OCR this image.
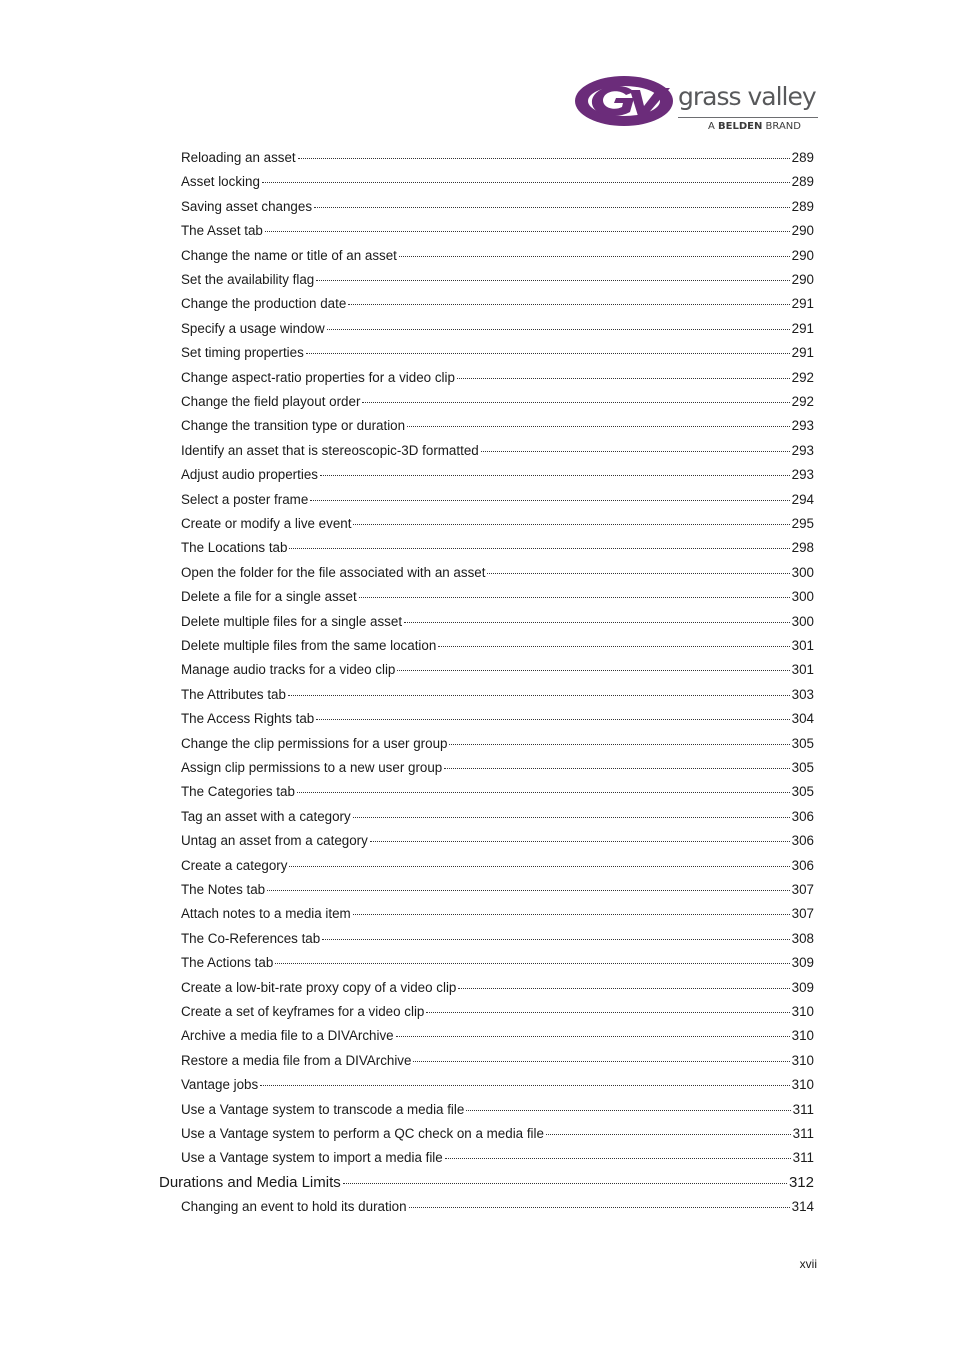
grass valley
A BELDEN BRAND
Reloading an asset	289
Asset locking	289
Saving asset changes	289
The Asset tab	290
Change the name or title of an asset	290
Set the availability flag	290
Change the production date	291
Specify a usage window	291
Set timing properties	291
Change aspect-ratio properties for a video clip	292
Change the field playout order	292
Change the transition type or duration	293
Identify an asset that is stereoscopic-3D formatted	293
Adjust audio properties	293
Select a poster frame	294
Create or modify a live event	295
The Locations tab	298
Open the folder for the file associated with an asset	300
Delete a file for a single asset	300
Delete multiple files for a single asset	300
Delete multiple files from the same location	301
Manage audio tracks for a video clip	301
The Attributes tab	303
The Access Rights tab	304
Change the clip permissions for a user group	305
Assign clip permissions to a new user group	305
The Categories tab	305
Tag an asset with a category	306
Untag an asset from a category	306
Create a category	306
The Notes tab	307
Attach notes to a media item	307
The Co-References tab	308
The Actions tab	309
Create a low-bit-rate proxy copy of a video clip	309
Create a set of keyframes for a video clip	310
Archive a media file to a DIVArchive	310
Restore a media file from a DIVArchive	310
Vantage jobs	310
Use a Vantage system to transcode a media file	311
Use a Vantage system to perform a QC check on a media file	311
Use a Vantage system to import a media file	311
Durations and Media Limits	312
Changing an event to hold its duration	314
xvii
